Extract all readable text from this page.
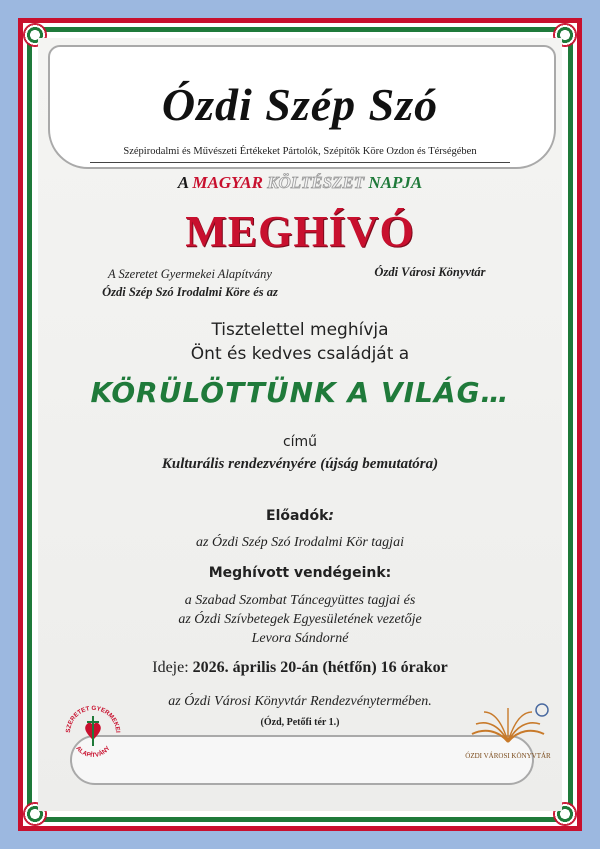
Ózdi Szép Szó
Szépirodalmi és Művészeti Értékeket Pártolók, Szépítők Köre Ozdon és Térségében
A MAGYAR KÖLTÉSZET NAPJA
MEGHÍVÓ
A Szeretet Gyermekei Alapítvány
Ózdi Szép Szó Irodalmi Köre és az
Ózdi Városi Könyvtár
Tisztelettel meghívja
Önt és kedves családját a
KÖRÜLÖTTÜNK A VILÁG…
című
Kulturális rendezvényére (újság bemutatóra)
Előadók:
az Ózdi Szép Szó Irodalmi Kör tagjai
Meghívott vendégeink:
a Szabad Szombat Táncegyüttes tagjai és
az Ózdi Szívbetegek Egyesületének vezetője
Levora Sándorné
Ideje: 2026. április 20-án (hétfőn) 16 órakor
az Ózdi Városi Könyvtár Rendezvénytermében.
(Ózd, Petőfi tér 1.)
SZERETET GYERMEKEI
ALAPÍTVÁNY
ÓZDI VÁROSI KÖNYVTÁR
